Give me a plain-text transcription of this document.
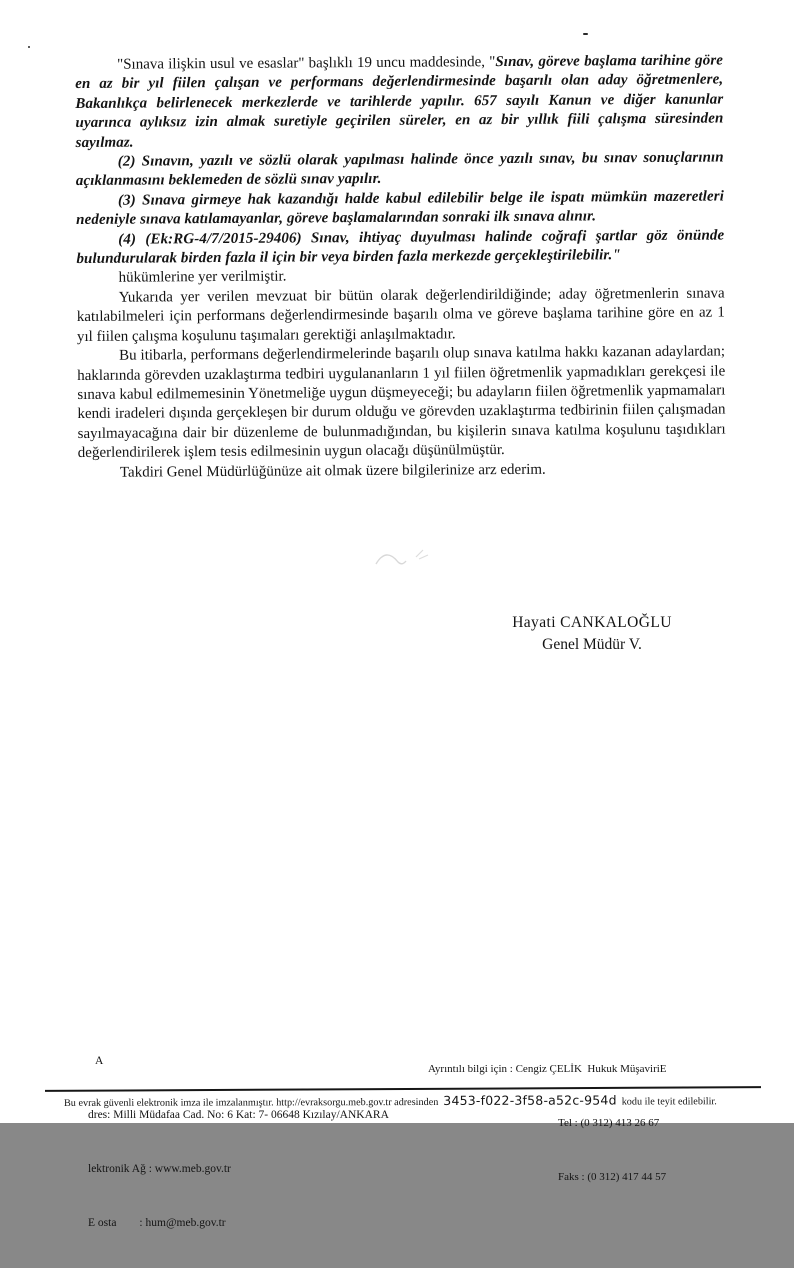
"Sınava ilişkin usul ve esaslar" başlıklı 19 uncu maddesinde, "Sınav, göreve başlama tarihine göre en az bir yıl fiilen çalışan ve performans değerlendirmesinde başarılı olan aday öğretmenlere, Bakanlıkça belirlenecek merkezlerde ve tarihlerde yapılır. 657 sayılı Kanun ve diğer kanunlar uyarınca aylıksız izin almak suretiyle geçirilen süreler, en az bir yıllık fiili çalışma süresinden sayılmaz.

(2) Sınavın, yazılı ve sözlü olarak yapılması halinde önce yazılı sınav, bu sınav sonuçlarının açıklanmasını beklemeden de sözlü sınav yapılır.

(3) Sınava girmeye hak kazandığı halde kabul edilebilir belge ile ispatı mümkün mazeretleri nedeniyle sınava katılamayanlar, göreve başlamalarından sonraki ilk sınava alınır.

(4) (Ek:RG-4/7/2015-29406) Sınav, ihtiyaç duyulması halinde coğrafi şartlar göz önünde bulundurularak birden fazla il için bir veya birden fazla merkezde gerçekleştirilebilir."

hükümlerine yer verilmiştir.

Yukarıda yer verilen mevzuat bir bütün olarak değerlendirildiğinde; aday öğretmenlerin sınava katılabilmeleri için performans değerlendirmesinde başarılı olma ve göreve başlama tarihine göre en az 1 yıl fiilen çalışma koşulunu taşımaları gerektiği anlaşılmaktadır.

Bu itibarla, performans değerlendirmelerinde başarılı olup sınava katılma hakkı kazanan adaylardan; haklarında görevden uzaklaştırma tedbiri uygulananların 1 yıl fiilen öğretmenlik yapmadıkları gerekçesi ile sınava kabul edilmemesinin Yönetmeliğe uygun düşmeyeceği; bu adayların fiilen öğretmenlik yapmamaları kendi iradeleri dışında gerçekleşen bir durum olduğu ve görevden uzaklaştırma tedbirinin fiilen çalışmadan sayılmayacağına dair bir düzenleme de bulunmadığından, bu kişilerin sınava katılma koşulunu taşıdıkları değerlendirilerek işlem tesis edilmesinin uygun olacağı düşünülmüştür.

Takdiri Genel Müdürlüğünüze ait olmak üzere bilgilerinize arz ederim.

Hayati CANKALOĞLU
Genel Müdür V.

A

dres: Milli Müdafaa Cad. No: 6 Kat: 7- 06648 Kızılay/ANKARA

lektronik Ağ : www.meb.gov.tr

E osta        : hum@meb.gov.tr

Ayrıntılı bilgi için : Cengiz ÇELİK  Hukuk MüşaviriE

Tel : (0 312) 413 26 67

Faks : (0 312) 417 44 57

Bu evrak güvenli elektronik imza ile imzalanmıştır. http://evraksorgu.meb.gov.tr adresinden 3453-f022-3f58-a52c-954d kodu ile teyit edilebilir.
